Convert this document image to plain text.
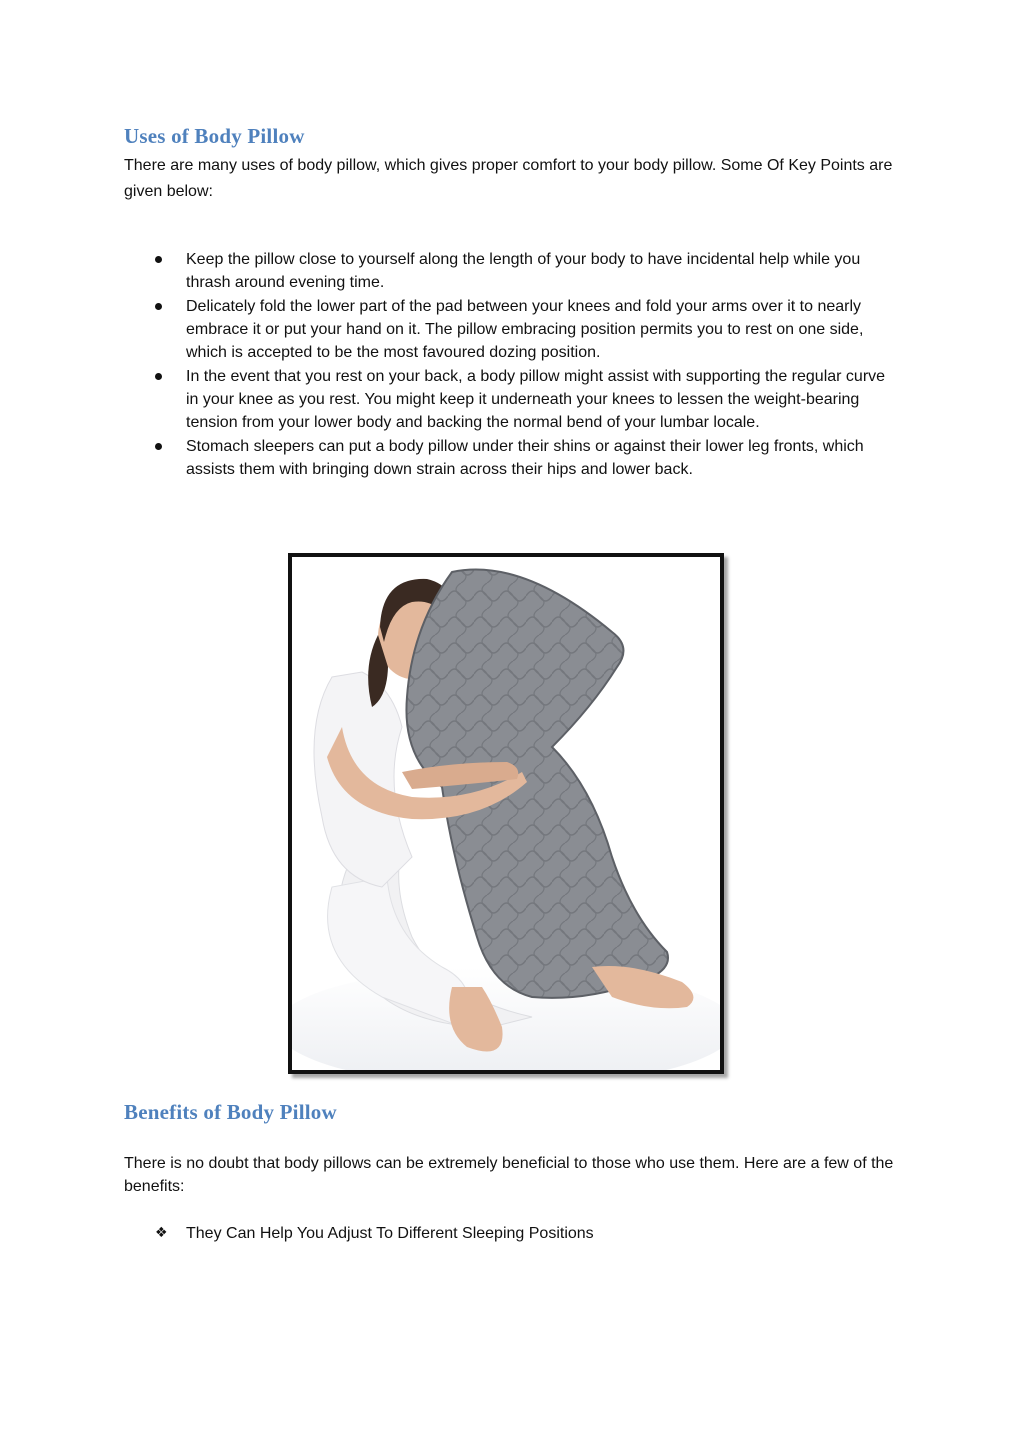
Uses of Body Pillow

There are many uses of body pillow, which gives proper comfort to your body pillow. Some Of Key Points are given below:

Keep the pillow close to yourself along the length of your body to have incidental help while you thrash around evening time.
Delicately fold the lower part of the pad between your knees and fold your arms over it to nearly embrace it or put your hand on it. The pillow embracing position permits you to rest on one side, which is accepted to be the most favoured dozing position.
In the event that you rest on your back, a body pillow might assist with supporting the regular curve in your knee as you rest. You might keep it underneath your knees to lessen the weight-bearing tension from your lower body and backing the normal bend of your lumbar locale.
Stomach sleepers can put a body pillow under their shins or against their lower leg fronts, which assists them with bringing down strain across their hips and lower back.
Benefits of Body Pillow

There is no doubt that body pillows can be extremely beneficial to those who use them. Here are a few of the benefits:

❖ They Can Help You Adjust To Different Sleeping Positions
